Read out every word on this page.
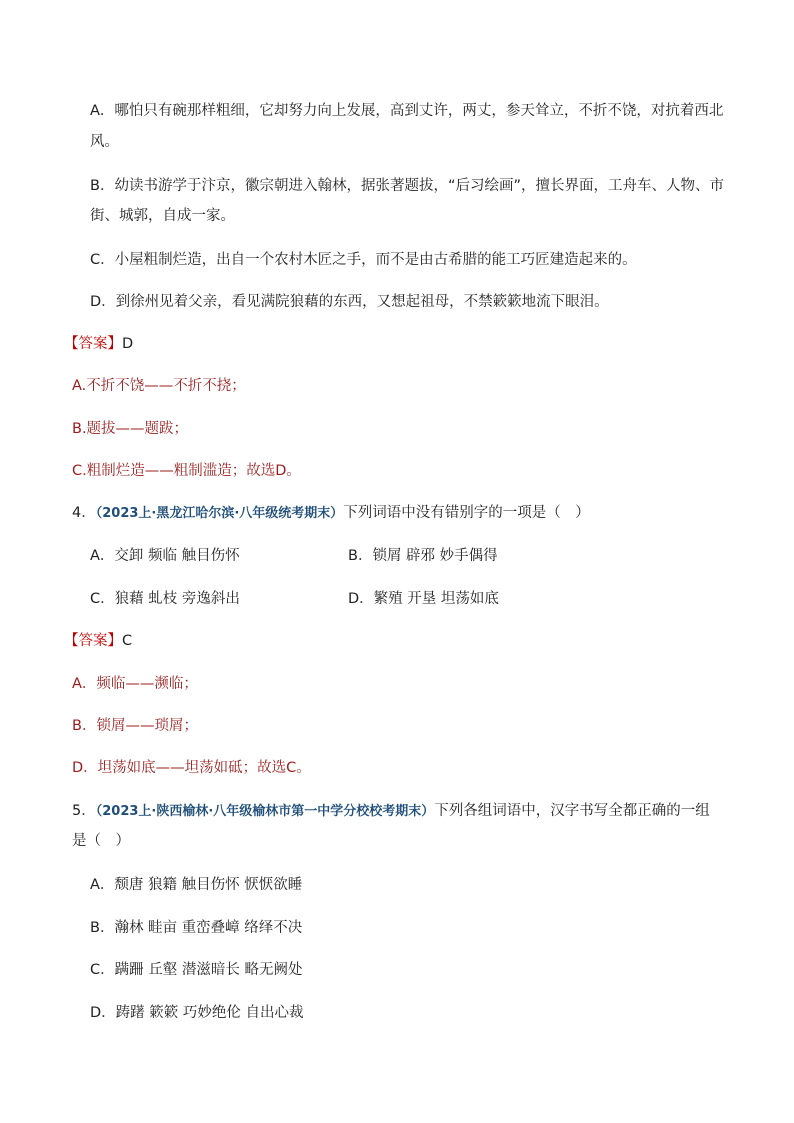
A．哪怕只有碗那样粗细，它却努力向上发展，高到丈许，两丈，参天耸立，不折不饶，对抗着西北
风。
B．幼读书游学于汴京，徽宗朝进入翰林，据张著题拔，“后习绘画”，擅长界面，工舟车、人物、市
街、城郭，自成一家。
C．小屋粗制烂造，出自一个农村木匠之手，而不是由古希腊的能工巧匠建造起来的。
D．到徐州见着父亲，看见满院狼藉的东西，又想起祖母，不禁簌簌地流下眼泪。
【答案】D
A.不折不饶——不折不挠；
B.题拔——题跋；
C.粗制烂造——粗制滥造；故选D。
4．（2023上·黑龙江哈尔滨·八年级统考期末）下列词语中没有错别字的一项是（　）
A．交卸 频临 触目伤怀	B．锁屑 辟邪 妙手偶得
C．狼藉 虬枝 旁逸斜出	D．繁殖 开垦 坦荡如底
【答案】C
A．频临——濒临；
B．锁屑——琐屑；
D．坦荡如底——坦荡如砥；故选C。
5．（2023上·陕西榆林·八年级榆林市第一中学分校校考期末）下列各组词语中，汉字书写全都正确的一组
是（　）
A．颓唐 狼籍 触目伤怀 恹恹欲睡
B．瀚林 畦亩 重峦叠嶂 络绎不决
C．蹒跚 丘壑 潜滋暗长 略无阙处
D．踌躇 簌簌 巧妙绝伦 自出心裁
